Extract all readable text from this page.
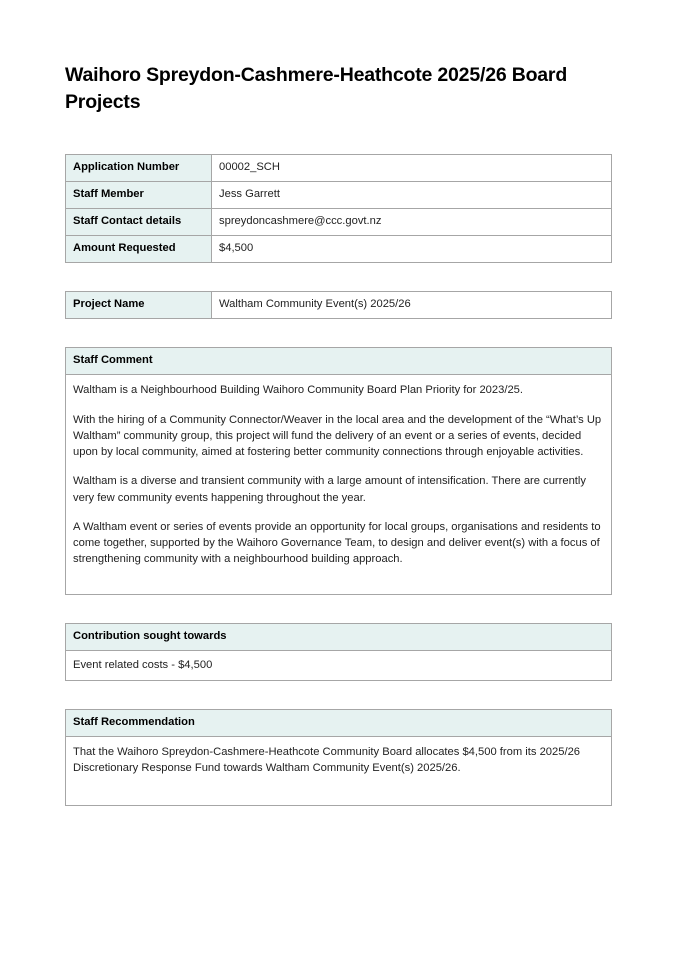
Waihoro Spreydon-Cashmere-Heathcote 2025/26 Board Projects
Application Number	00002_SCH
Staff Member	Jess Garrett
Staff Contact details	spreydoncashmere@ccc.govt.nz
Amount Requested	$4,500
Project Name	Waltham Community Event(s) 2025/26
Staff Comment

Waltham is a Neighbourhood Building Waihoro Community Board Plan Priority for 2023/25.

With the hiring of a Community Connector/Weaver in the local area and the development of the “What’s Up Waltham” community group, this project will fund the delivery of an event or a series of events, decided upon by local community, aimed at fostering better community connections through enjoyable activities.

Waltham is a diverse and transient community with a large amount of intensification. There are currently very few community events happening throughout the year.

A Waltham event or series of events provide an opportunity for local groups, organisations and residents to come together, supported by the Waihoro Governance Team, to design and deliver event(s) with a focus of strengthening community with a neighbourhood building approach.

Contribution sought towards

Event related costs - $4,500

Staff Recommendation

That the Waihoro Spreydon-Cashmere-Heathcote Community Board allocates $4,500 from its 2025/26 Discretionary Response Fund towards Waltham Community Event(s) 2025/26.
